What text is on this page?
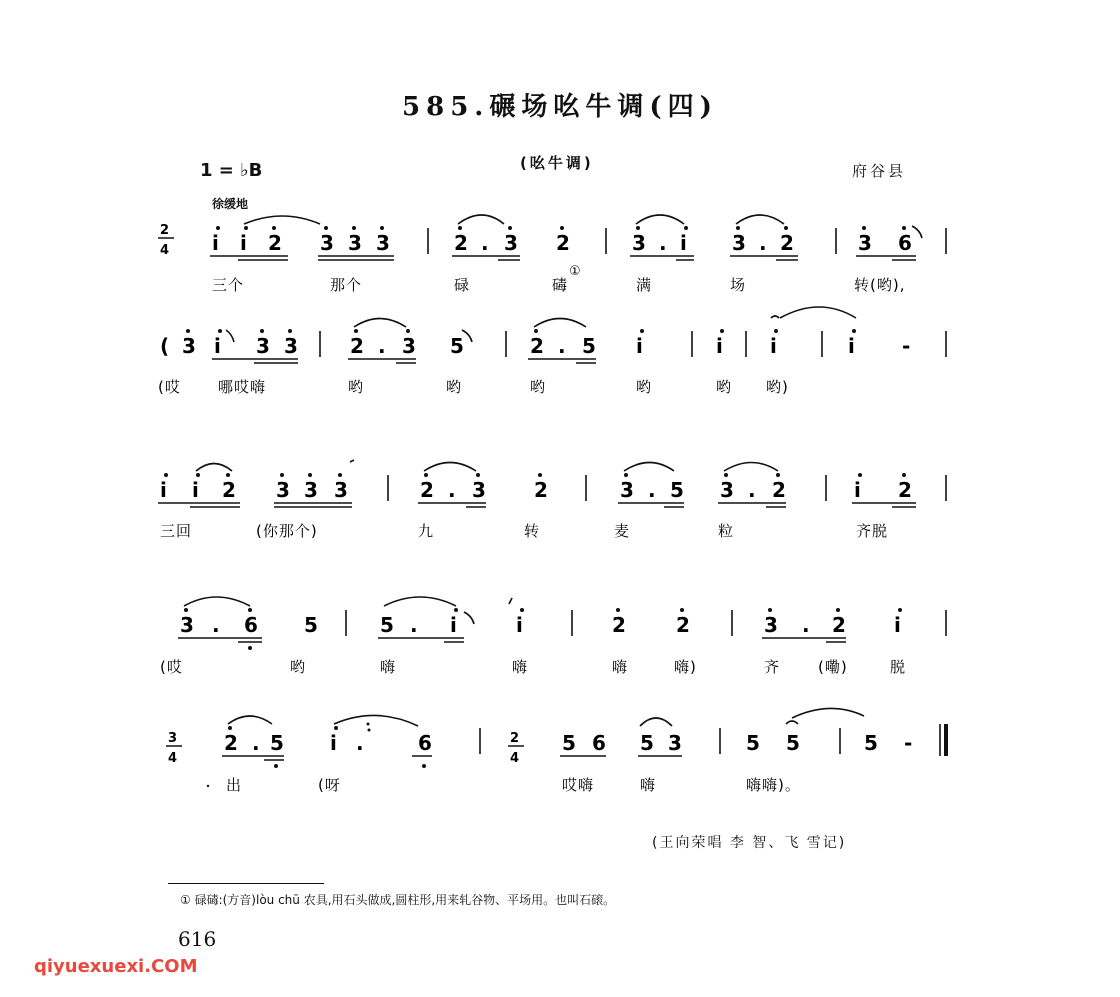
585.碾场吆牛调(四)
1 = ♭B	(吆牛调)	府谷县
徐缓地
2
4 i i 2 3 3 3	2 . 3 2	3 . i 3 . 2	3 6
三个	那个	碌	碡	满	场	转(哟),
①
( 3 i 3 3	2 . 3 5	2 . 5 i	i i	i -
(哎 哪哎嗨	哟	哟	哟	哟	哟 哟)
i i 2 3 3 3	2 . 3 2	3 . 5 3 . 2	i 2
三回	(你那个)	九	转	麦	粒	齐脱
3 . 6 5	5 . i	i	2	2	3 . 2 i
(哎	哟	嗨	嗨	嗨	嗨)	齐	(嘞)	脱
3
4
2
4
2 . 5 i .	6	5 6 5 3	5 5	5 -
出	(呀	哎嗨	嗨	嗨嗨)。
(王向荣唱 李 智、飞 雪记)
① 碌碡:(方音)lòu chū 农具,用石头做成,圆柱形,用来轧谷物、平场用。也叫石磙。
616
qiyuexuexi.COM
